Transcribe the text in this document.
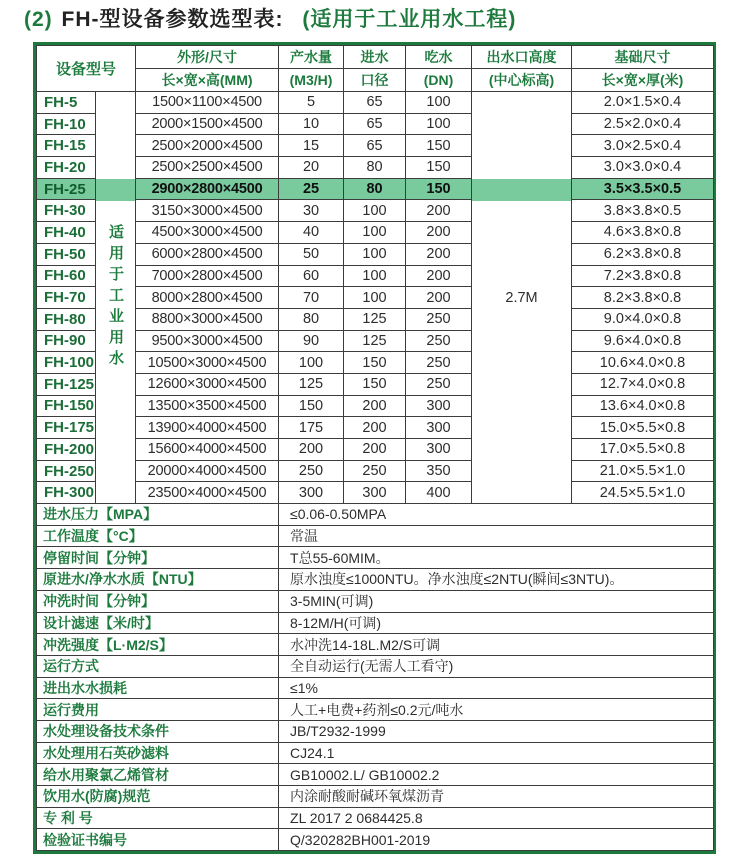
(2) FH-型设备参数选型表: (适用于工业用水工程)
设备型号		外形/尺寸	产水量	进水	吃水	出水口高度	基础尺寸
		长×宽×高(MM)	(M3/H)	口径	(DN)	(中心标高)	长×宽×厚(米)
FH-5	适用于工业用水	1500×1100×4500	5	65	100	2.7M	2.0×1.5×0.4
FH-10		2000×1500×4500	10	65	100		2.5×2.0×0.4
FH-15		2500×2000×4500	15	65	150		3.0×2.5×0.4
FH-20		2500×2500×4500	20	80	150		3.0×3.0×0.4
FH-25		2900×2800×4500	25	80	150		3.5×3.5×0.5
FH-30		3150×3000×4500	30	100	200		3.8×3.8×0.5
FH-40		4500×3000×4500	40	100	200		4.6×3.8×0.8
FH-50		6000×2800×4500	50	100	200		6.2×3.8×0.8
FH-60		7000×2800×4500	60	100	200		7.2×3.8×0.8
FH-70		8000×2800×4500	70	100	200		8.2×3.8×0.8
FH-80		8800×3000×4500	80	125	250		9.0×4.0×0.8
FH-90		9500×3000×4500	90	125	250		9.6×4.0×0.8
FH-100		10500×3000×4500	100	150	250		10.6×4.0×0.8
FH-125		12600×3000×4500	125	150	250		12.7×4.0×0.8
FH-150		13500×3500×4500	150	200	300		13.6×4.0×0.8
FH-175		13900×4000×4500	175	200	300		15.0×5.5×0.8
FH-200		15600×4000×4500	200	200	300		17.0×5.5×0.8
FH-250		20000×4000×4500	250	250	350		21.0×5.5×1.0
FH-300		23500×4000×4500	300	300	400		24.5×5.5×1.0
进水压力【MPA】			≤0.06-0.50MPA				
工作温度【°C】			常温				
停留时间【分钟】			T总55-60MIM。				
原进水/净水水质【NTU】			原水浊度≤1000NTU。净水浊度≤2NTU(瞬间≤3NTU)。				
冲洗时间【分钟】			3-5MIN(可调)				
设计滤速【米/时】			8-12M/H(可调)				
冲洗强度【L·M2/S】			水冲洗14-18L.M2/S可调				
运行方式			全自动运行(无需人工看守)				
进出水水损耗			≤1%				
运行费用			人工+电费+药剂≤0.2元/吨水				
水处理设备技术条件			JB/T2932-1999				
水处理用石英砂滤料			CJ24.1				
给水用聚氯乙烯管材			GB10002.L/ GB10002.2				
饮用水(防腐)规范			内涂耐酸耐碱环氧煤沥青				
专 利 号			ZL 2017 2 0684425.8				
检验证书编号			Q/320282BH001-2019				
